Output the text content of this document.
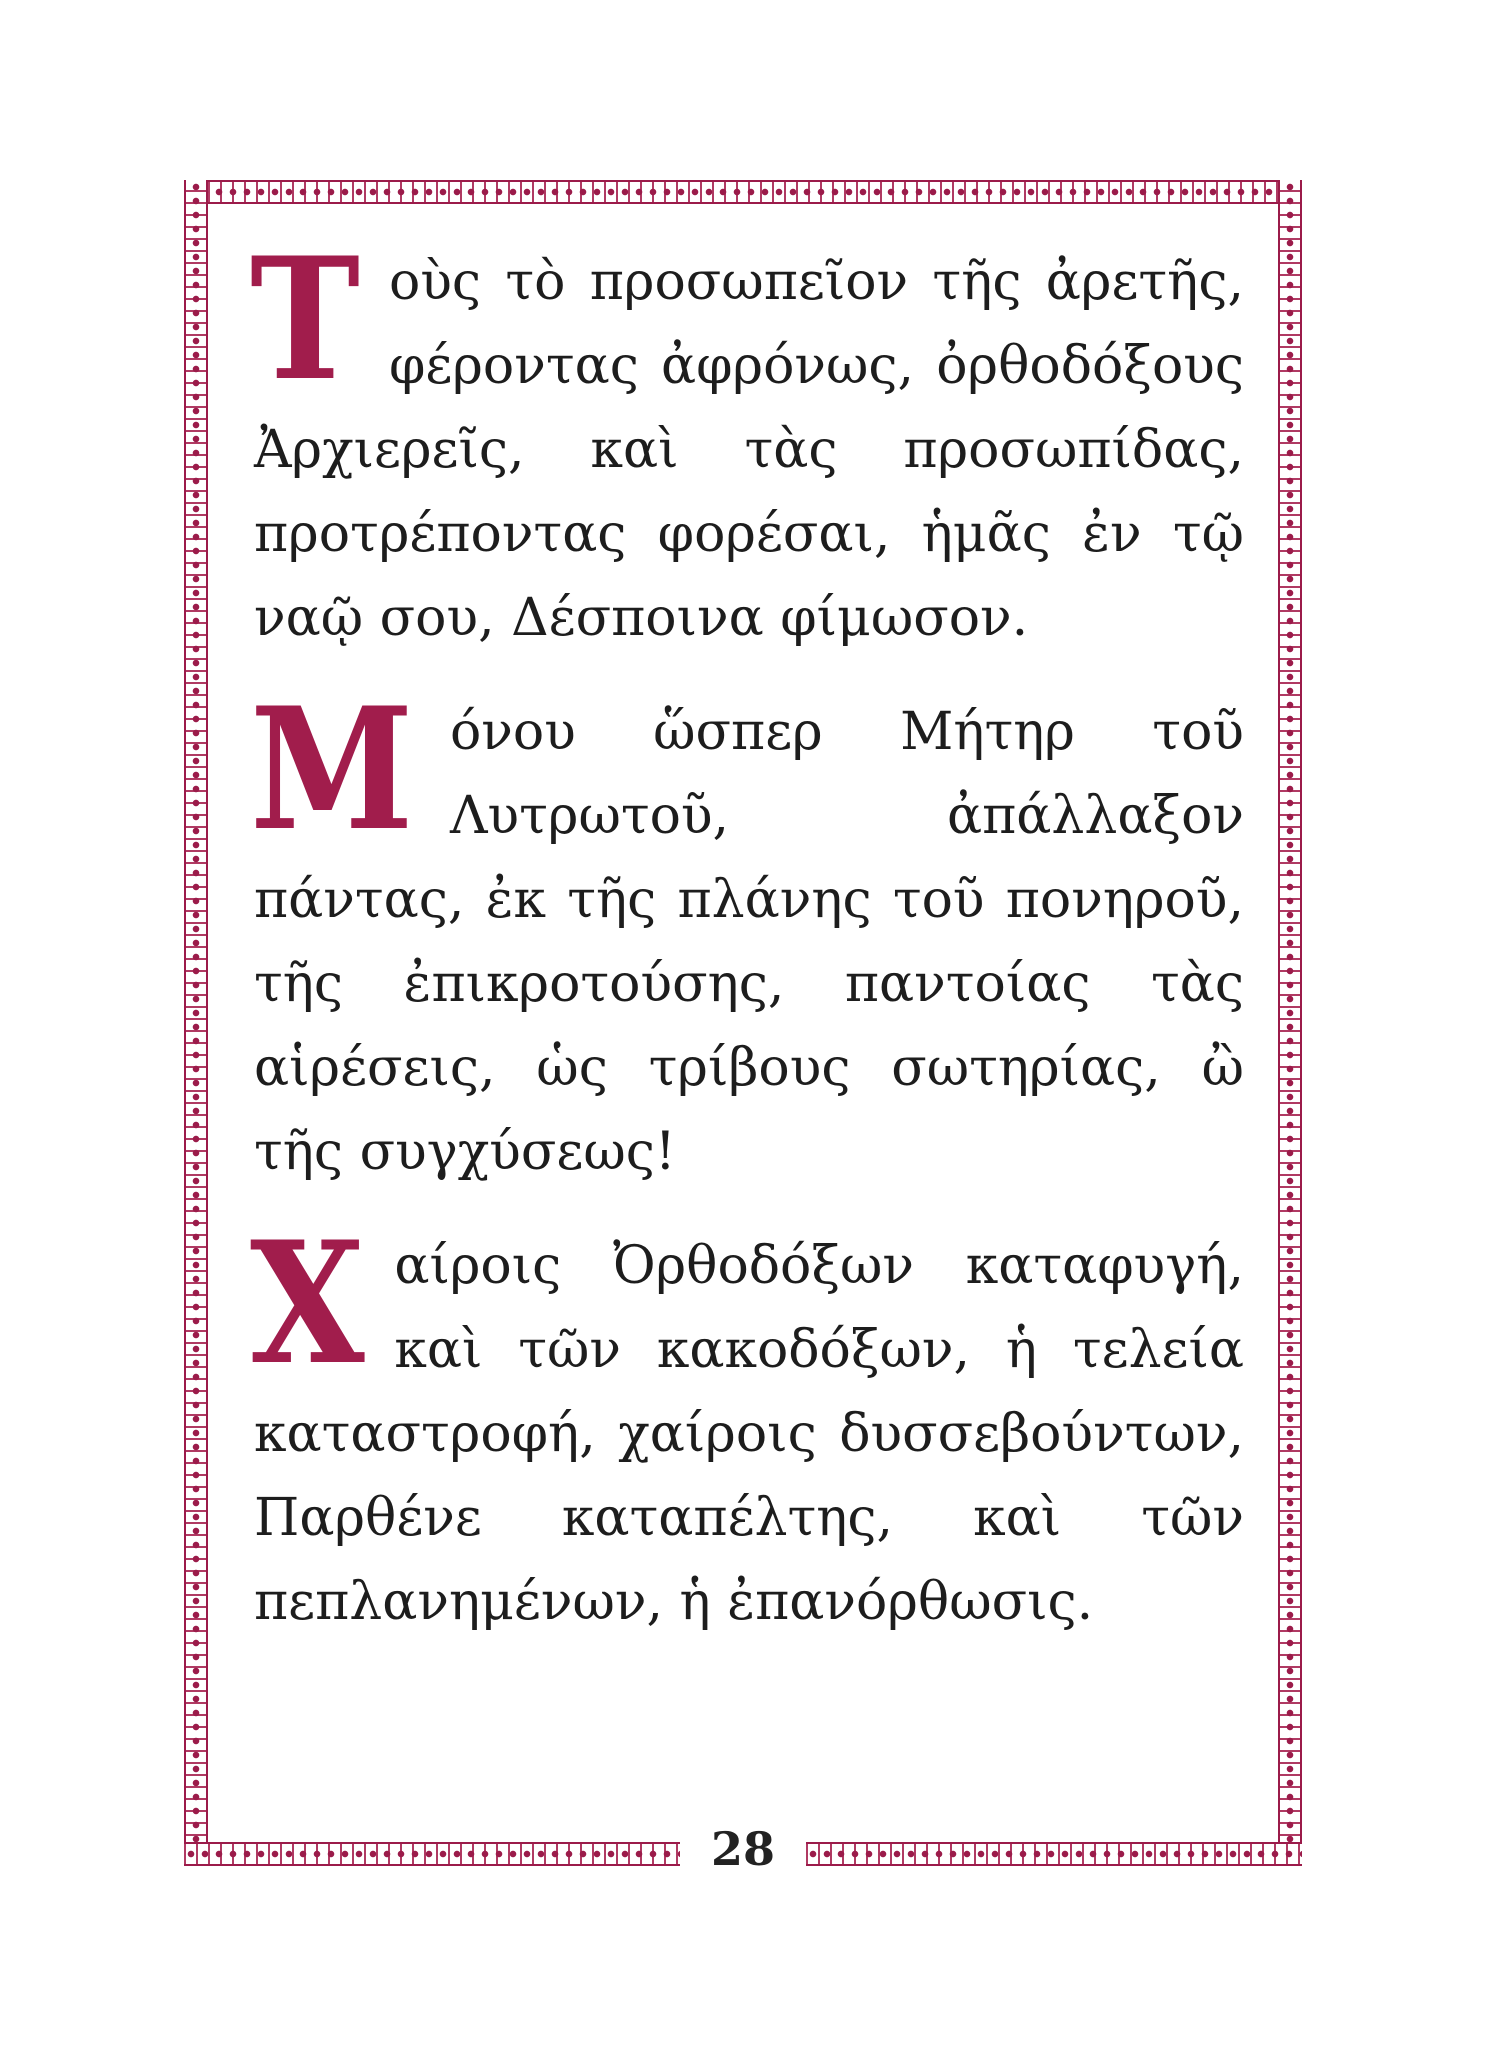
Τ οὺς τὸ προσωπεῖον τῆς ἀρετῆς, φέροντας ἀφρόνως, ὀρθοδόξους Ἀρχιερεῖς, καὶ τὰς προσωπίδας, προτρέποντας φορέσαι, ἡμᾶς ἐν τῷ ναῷ σου, Δέσποινα φίμωσον.

Μ όνου ὥσπερ Μήτηρ τοῦ Λυτρωτοῦ, ἀπάλλαξον πάντας, ἐκ τῆς πλάνης τοῦ πονηροῦ, τῆς ἐπικροτούσης, παντοίας τὰς αἱρέσεις, ὡς τρίβους σωτηρίας, ὢ τῆς συγχύσεως!

Χ αίροις Ὀρθοδόξων καταφυγή, καὶ τῶν κακοδόξων, ἡ τελεία καταστροφή, χαίροις δυσσεβούντων, Παρθένε καταπέλτης, καὶ τῶν πεπλανημένων, ἡ ἐπανόρθωσις.

28
